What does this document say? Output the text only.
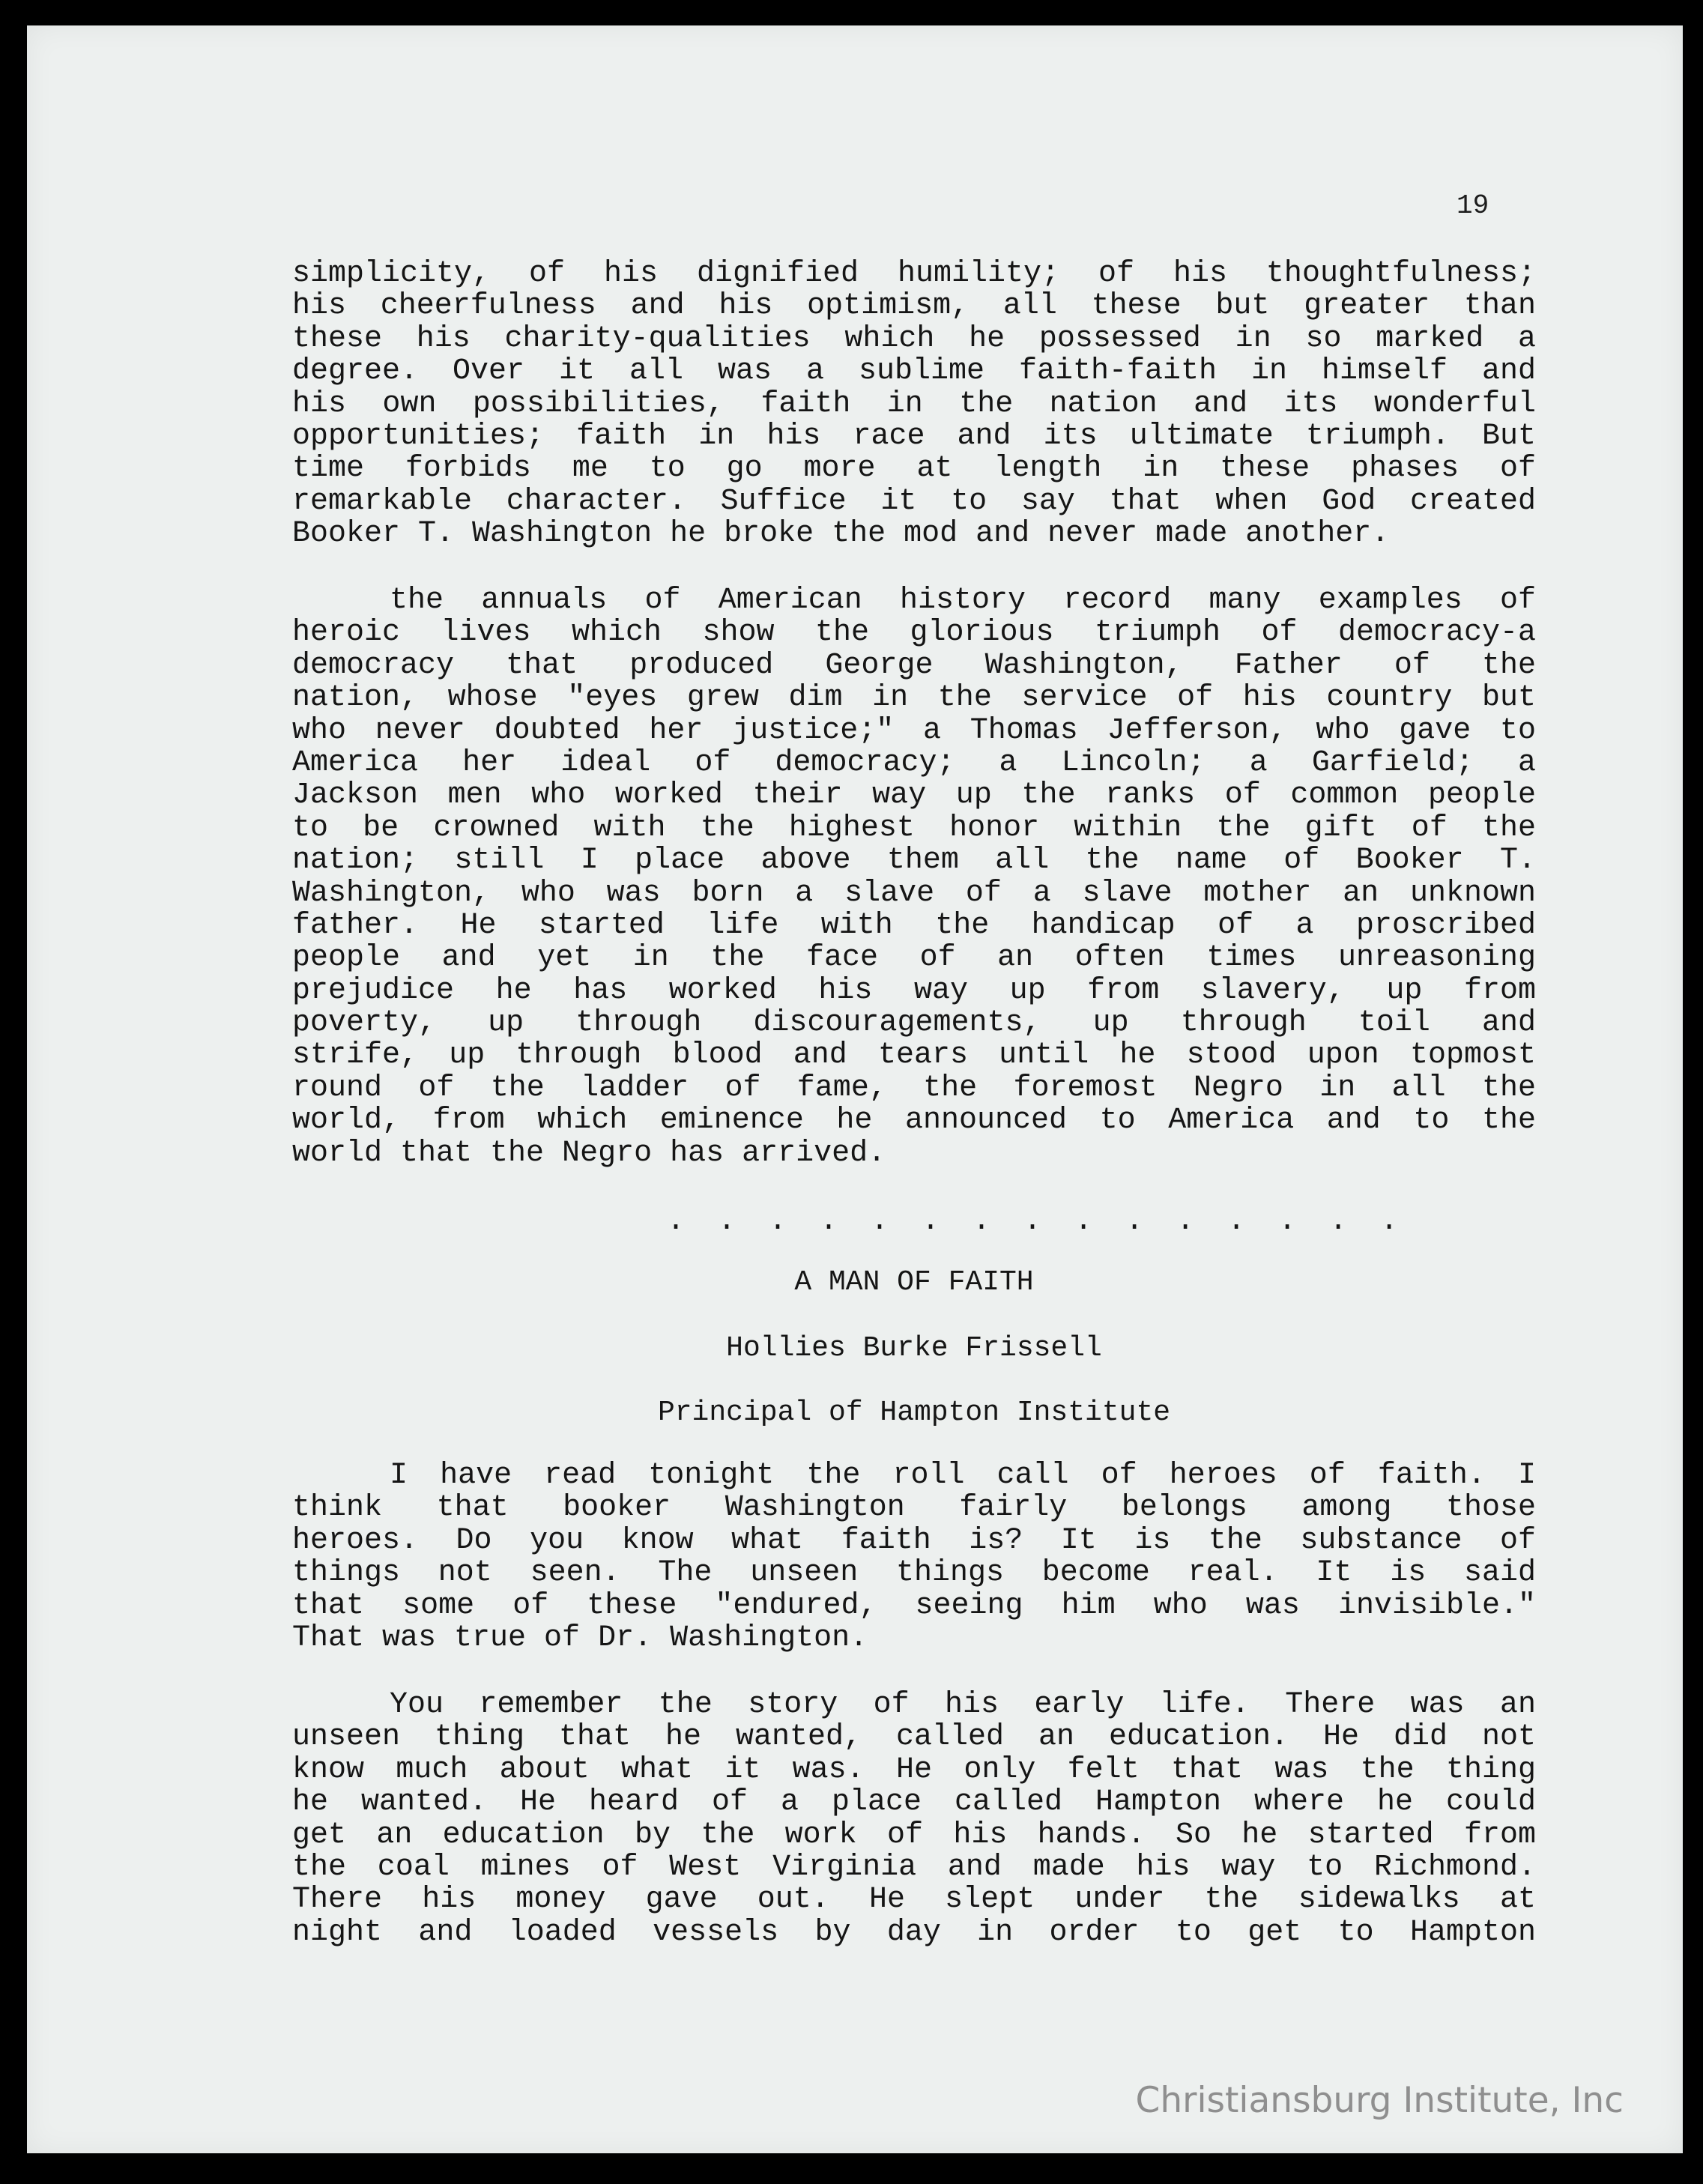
19
simplicity, of his dignified humility; of his thoughtfulness;
his cheerfulness and his optimism, all these but greater than
these his charity-qualities which he possessed in so marked a
degree. Over it all was a sublime faith-faith in himself and
his own possibilities, faith in the nation and its wonderful
opportunities; faith in his race and its ultimate triumph. But
time forbids me to go more at length in these phases of
remarkable character. Suffice it to say that when God created
Booker T. Washington he broke the mod and never made another.
the annuals of American history record many examples of
heroic lives which show the glorious triumph of democracy-a
democracy that produced George Washington, Father of the
nation, whose "eyes grew dim in the service of his country but
who never doubted her justice;" a Thomas Jefferson, who gave to
America her ideal of democracy; a Lincoln; a Garfield; a
Jackson men who worked their way up the ranks of common people
to be crowned with the highest honor within the gift of the
nation; still I place above them all the name of Booker T.
Washington, who was born a slave of a slave mother an unknown
father. He started life with the handicap of a proscribed
people and yet in the face of an often times unreasoning
prejudice he has worked his way up from slavery, up from
poverty, up through discouragements, up through toil and
strife, up through blood and tears until he stood upon topmost
round of the ladder of fame, the foremost Negro in all the
world, from which eminence he announced to America and to the
world that the Negro has arrived.
. . . . . . . . . . . . . . .
A MAN OF FAITH
Hollies Burke Frissell
Principal of Hampton Institute
I have read tonight the roll call of heroes of faith. I
think that booker Washington fairly belongs among those
heroes. Do you know what faith is? It is the substance of
things not seen. The unseen things become real. It is said
that some of these "endured, seeing him who was invisible."
That was true of Dr. Washington.
You remember the story of his early life. There was an
unseen thing that he wanted, called an education. He did not
know much about what it was. He only felt that was the thing
he wanted. He heard of a place called Hampton where he could
get an education by the work of his hands. So he started from
the coal mines of West Virginia and made his way to Richmond.
There his money gave out. He slept under the sidewalks at
night and loaded vessels by day in order to get to Hampton
Christiansburg Institute, Inc
